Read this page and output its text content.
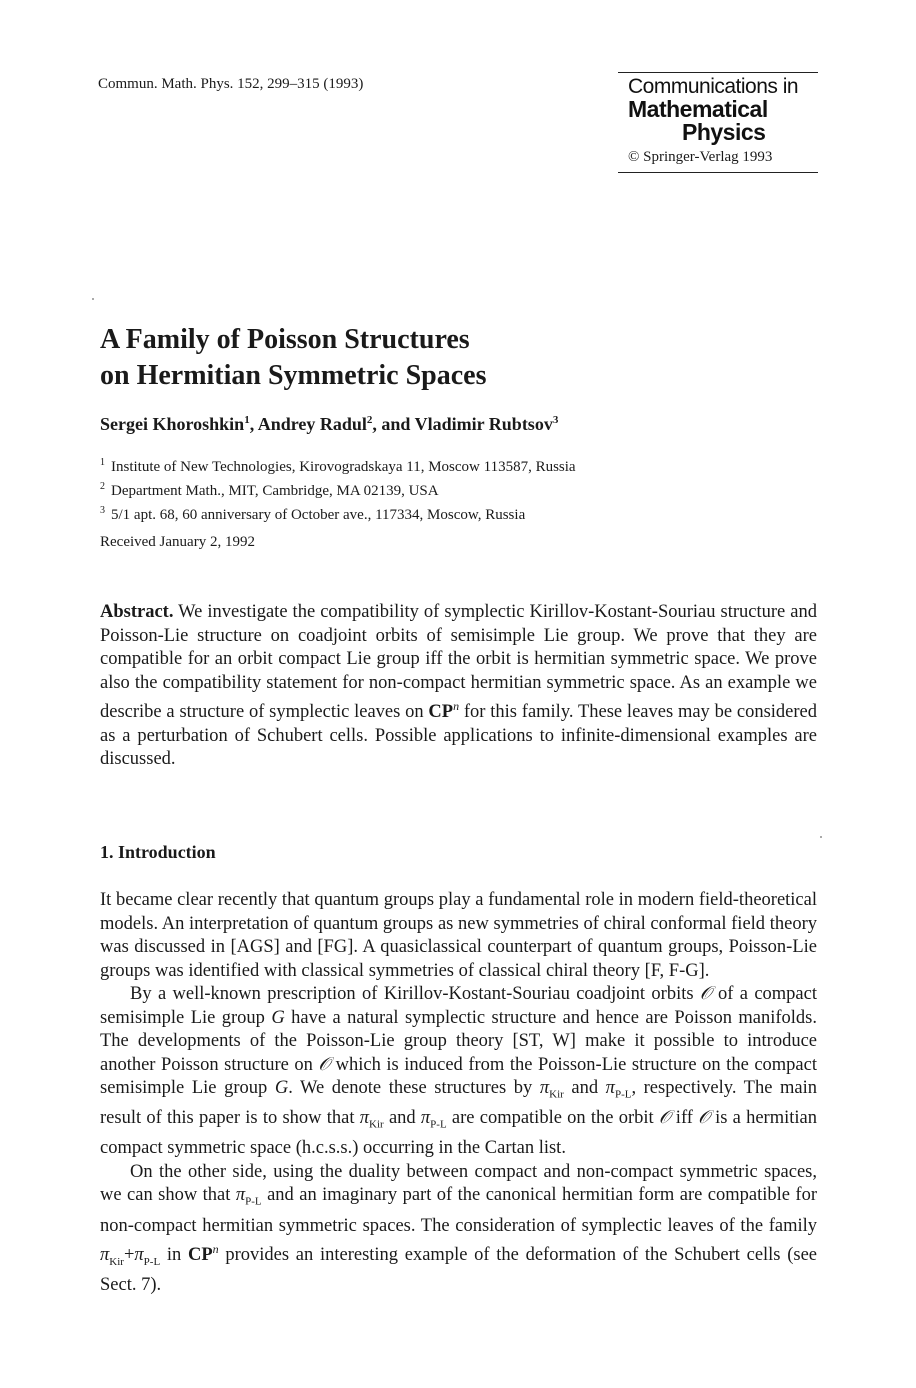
Commun. Math. Phys. 152, 299–315 (1993)	Communications in
Mathematical
Physics
© Springer-Verlag 1993
A Family of Poisson Structures
on Hermitian Symmetric Spaces
Sergei Khoroshkin$^1$, Andrey Radul$^2$, and Vladimir Rubtsov$^3$
$^1$ Institute of New Technologies, Kirovogradskaya 11, Moscow 113587, Russia
$^2$ Department Math., MIT, Cambridge, MA 02139, USA
$^3$ 5/1 apt. 68, 60 anniversary of October ave., 117334, Moscow, Russia
Received January 2, 1992
Abstract. We investigate the compatibility of symplectic Kirillov-Kostant-Souriau structure and Poisson-Lie structure on coadjoint orbits of semisimple Lie group. We prove that they are compatible for an orbit compact Lie group iff the orbit is hermitian symmetric space. We prove also the compatibility statement for non-compact hermitian symmetric space. As an example we describe a structure of symplectic leaves on $CP^n$ for this family. These leaves may be considered as a perturbation of Schubert cells. Possible applications to infinite-dimensional examples are discussed.
1. Introduction

It became clear recently that quantum groups play a fundamental role in modern field-theoretical models. An interpretation of quantum groups as new symmetries of chiral conformal field theory was discussed in [AGS] and [FG]. A quasiclassical counterpart of quantum groups, Poisson-Lie groups was identified with classical symmetries of classical chiral theory [F, F-G].

By a well-known prescription of Kirillov-Kostant-Souriau coadjoint orbits 𝒪 of a compact semisimple Lie group G have a natural symplectic structure and hence are Poisson manifolds. The developments of the Poisson-Lie group theory [ST, W] make it possible to introduce another Poisson structure on 𝒪 which is induced from the Poisson-Lie structure on the compact semisimple Lie group G. We denote these structures by $\pi_{Kir}$ and $\pi_{P-L}$, respectively. The main result of this paper is to show that $\pi_{Kir}$ and $\pi_{P-L}$ are compatible on the orbit 𝒪 iff 𝒪 is a hermitian compact symmetric space (h.c.s.s.) occurring in the Cartan list.

On the other side, using the duality between compact and non-compact symmetric spaces, we can show that $\pi_{P-L}$ and an imaginary part of the canonical hermitian form are compatible for non-compact hermitian symmetric spaces. The consideration of symplectic leaves of the family $\pi_{Kir}+\pi_{P-L}$ in $CP^n$ provides an interesting example of the deformation of the Schubert cells (see Sect. 7).
